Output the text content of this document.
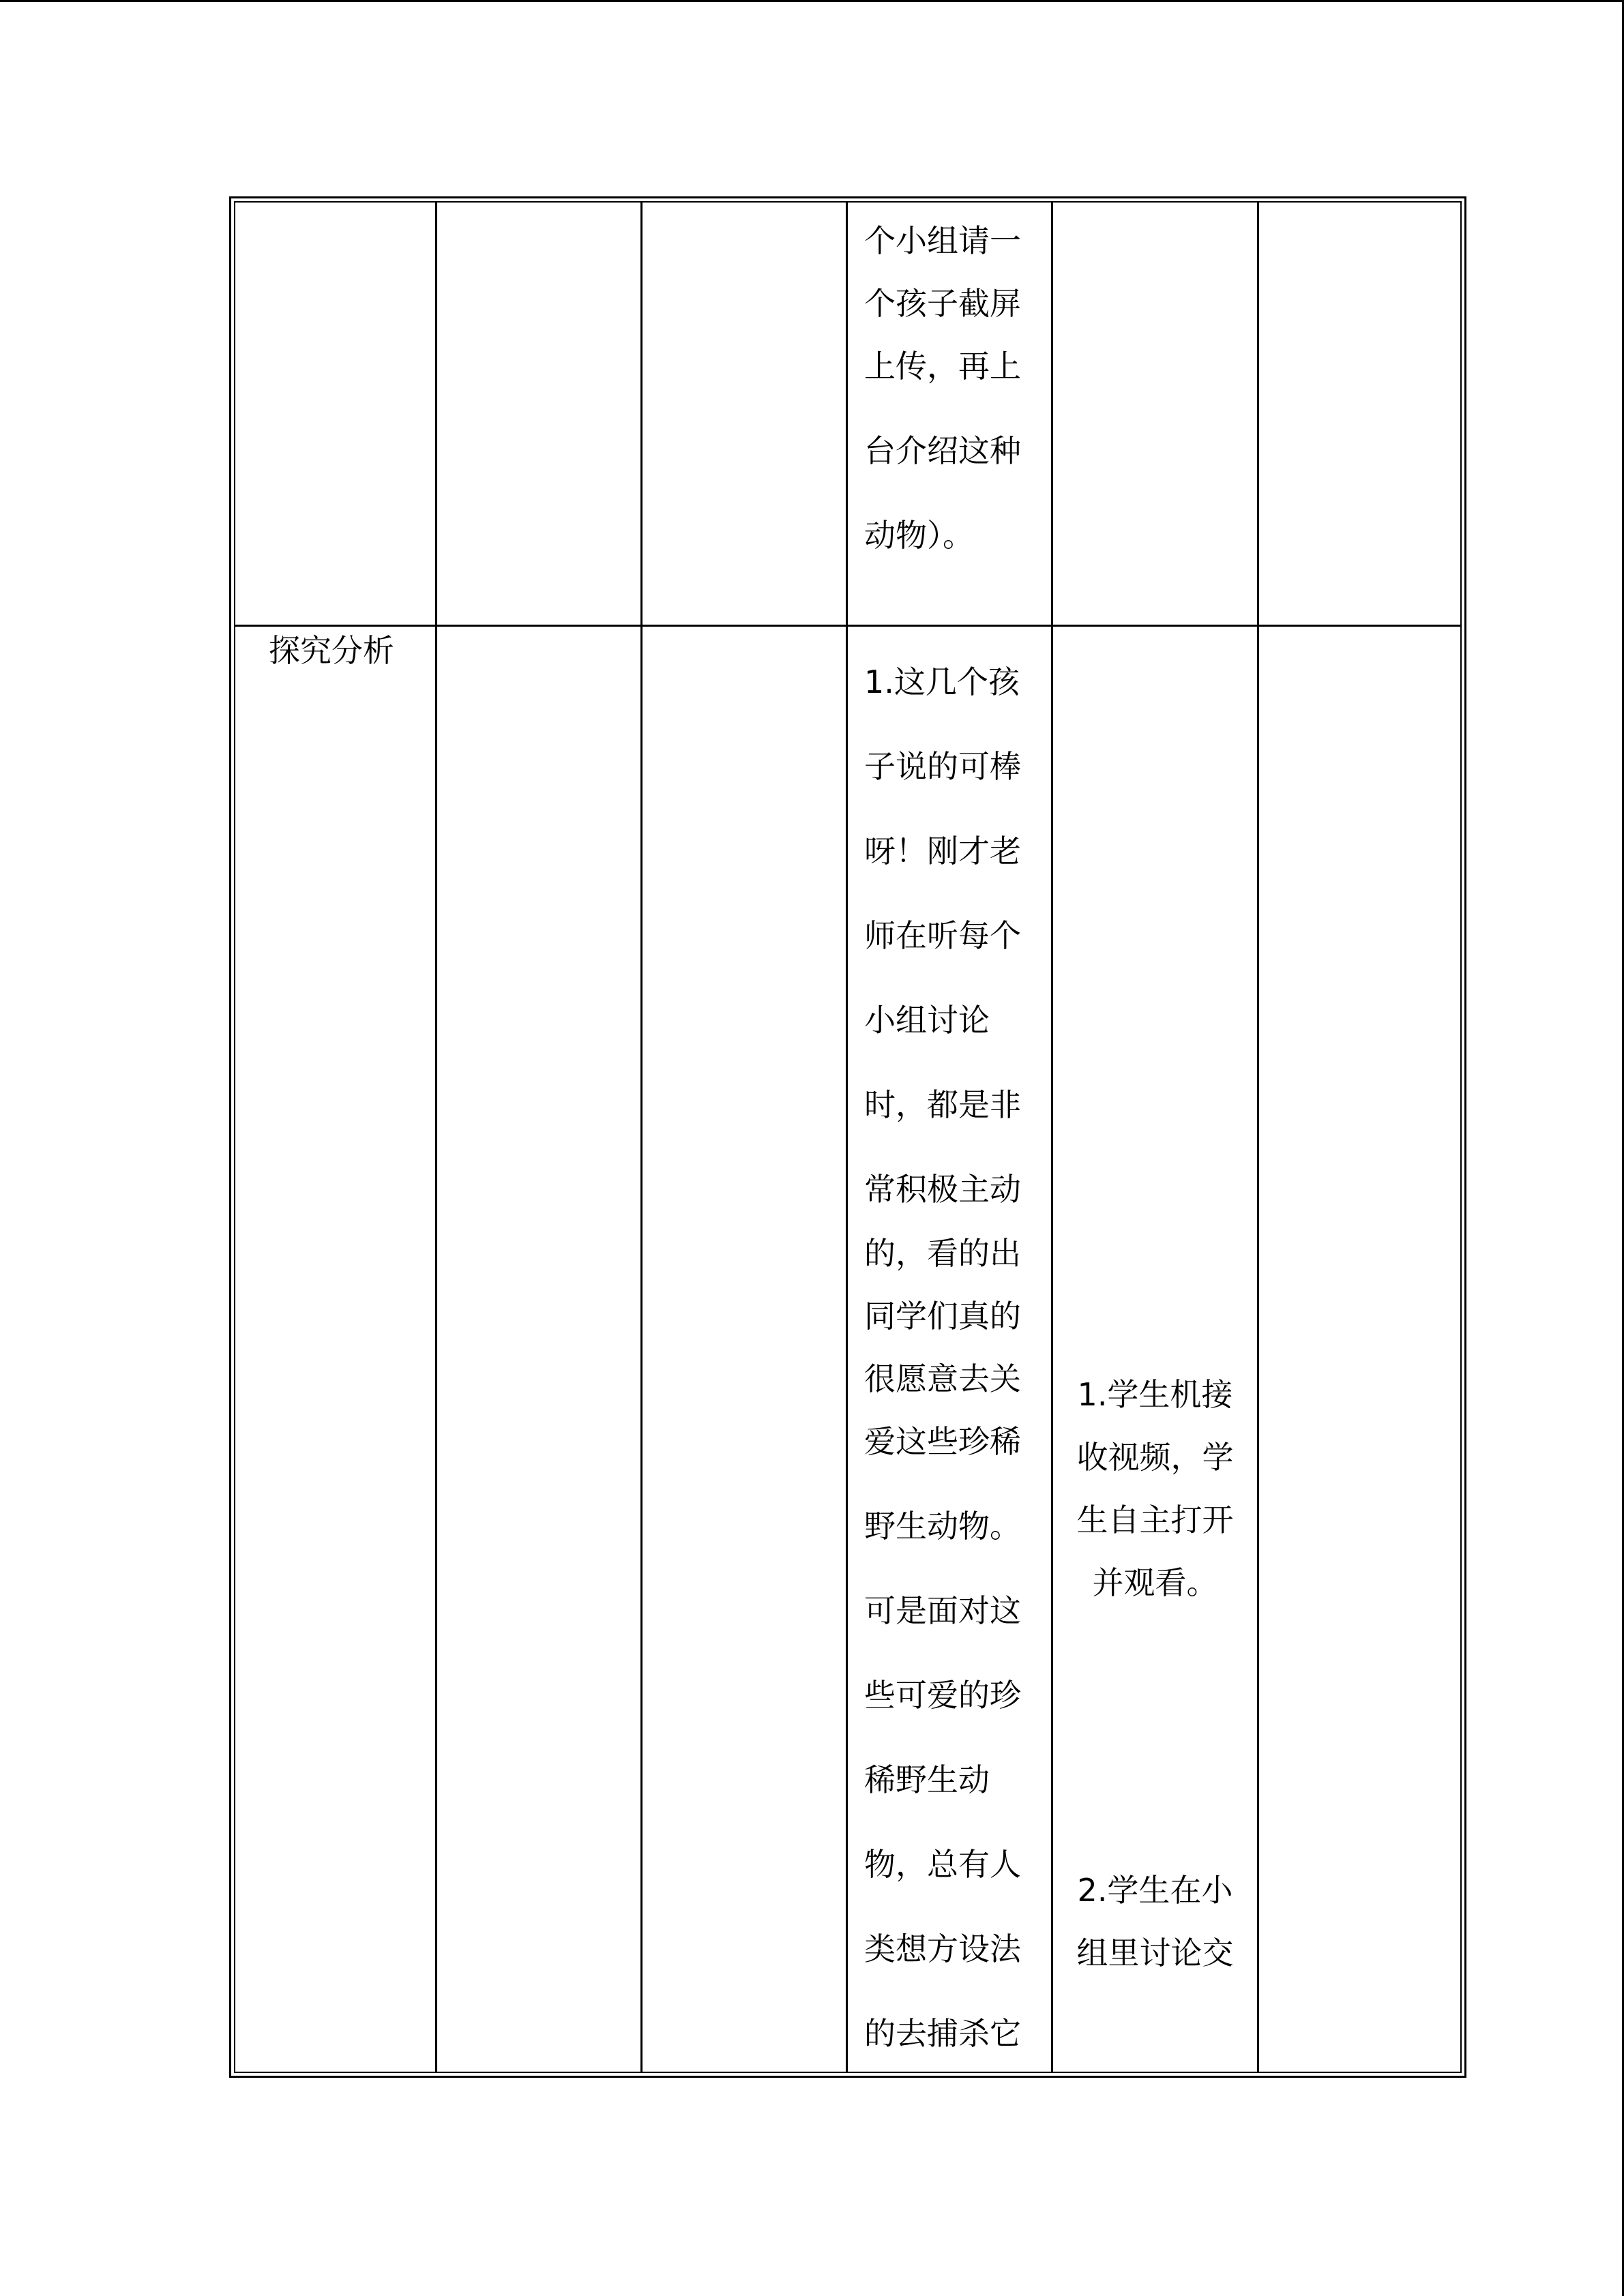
个小组请一
个孩子截屏
上传，再上
台介绍这种
动物）。
探究分析
1.这几个孩
子说的可棒
呀！刚才老
师在听每个
小组讨论
时，都是非
常积极主动
的，看的出
同学们真的
很愿意去关
爱这些珍稀
野生动物。
可是面对这
些可爱的珍
稀野生动
物，总有人
类想方设法
的去捕杀它
1.学生机接
收视频，学
生自主打开
并观看。
2.学生在小
组里讨论交
